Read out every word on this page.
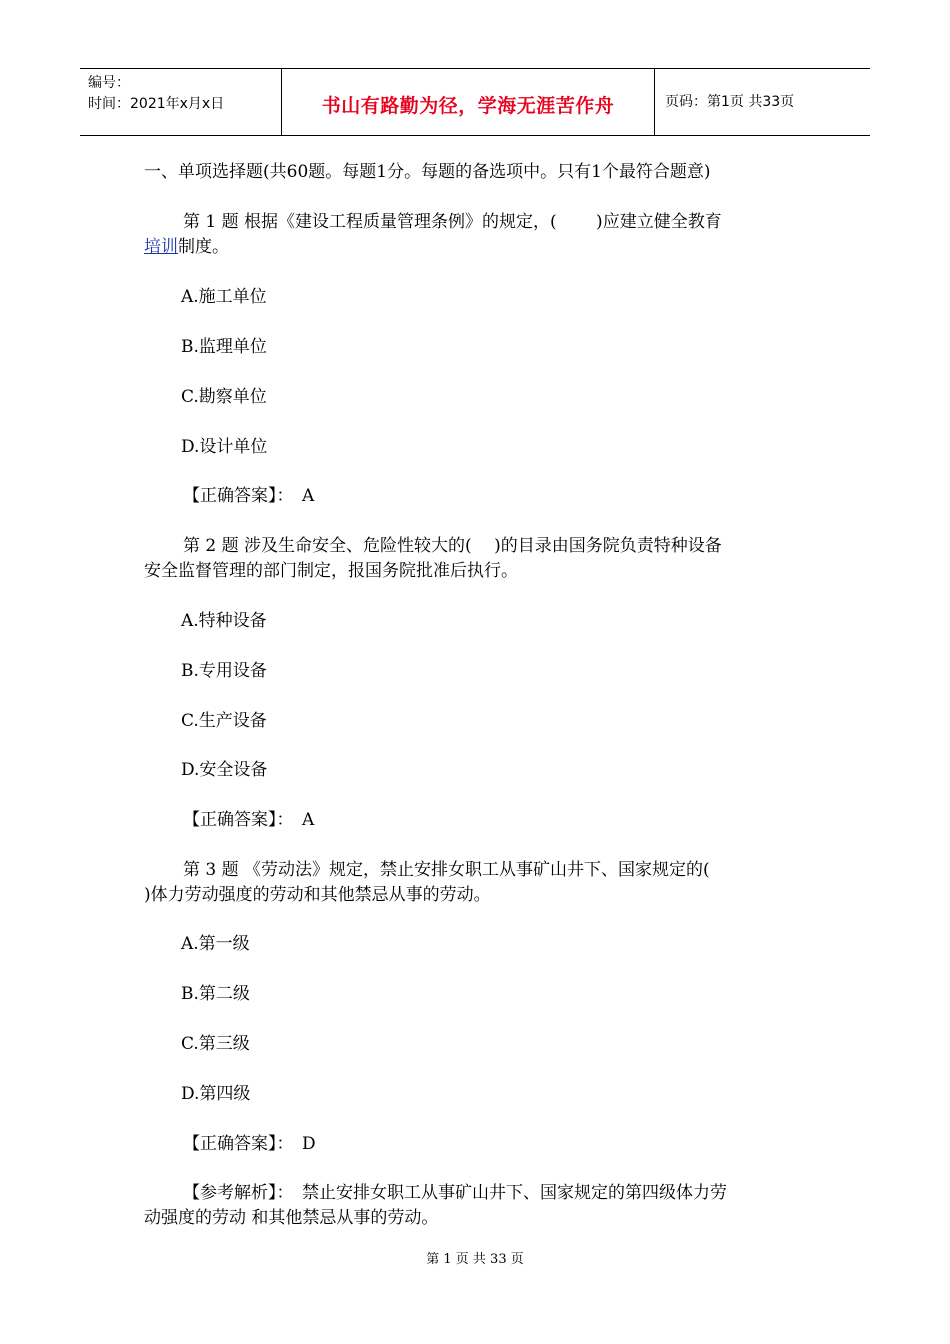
编号：
时间：2021年x月x日	书山有路勤为径，学海无涯苦作舟	页码：第1页 共33页
一、单项选择题(共60题。每题1分。每题的备选项中。只有1个最符合题意)
第 1 题 根据《建设工程质量管理条例》的规定，(　　 )应建立健全教育
培训制度。
A.施工单位
B.监理单位
C.勘察单位
D.设计单位
【正确答案】：　A
第 2 题 涉及生命安全、危险性较大的(　 )的目录由国务院负责特种设备
安全监督管理的部门制定，报国务院批准后执行。
A.特种设备
B.专用设备
C.生产设备
D.安全设备
【正确答案】：　A
第 3 题 《劳动法》规定，禁止安排女职工从事矿山井下、国家规定的(
)体力劳动强度的劳动和其他禁忌从事的劳动。
A.第一级
B.第二级
C.第三级
D.第四级
【正确答案】：　D
【参考解析】：　禁止安排女职工从事矿山井下、国家规定的第四级体力劳
动强度的劳动 和其他禁忌从事的劳动。
第 1 页 共 33 页
